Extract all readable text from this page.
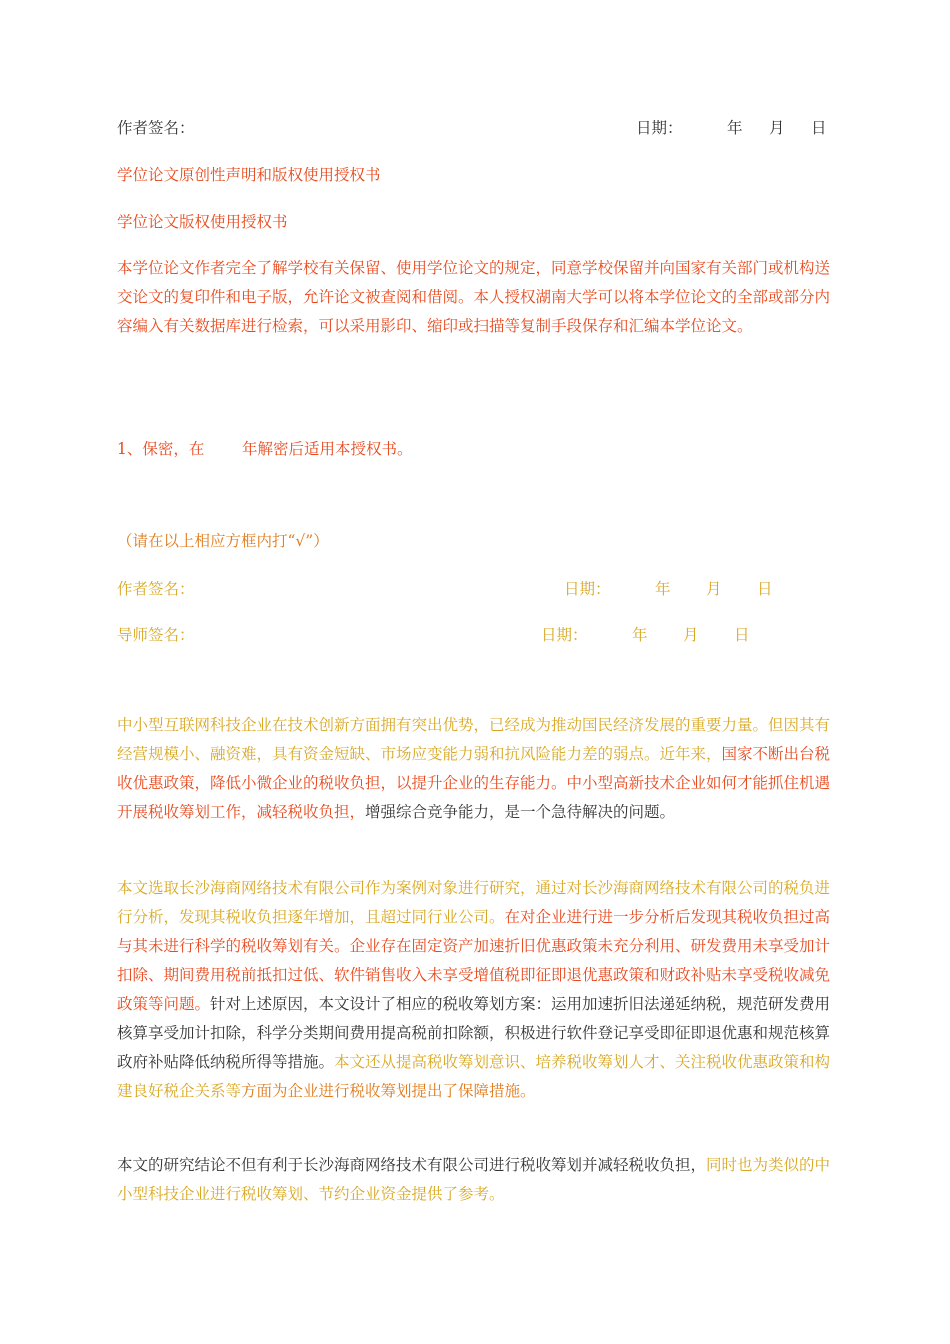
作者签名：	日期：	年 月 日
学位论文原创性声明和版权使用授权书
学位论文版权使用授权书
本学位论文作者完全了解学校有关保留、使用学位论文的规定，同意学校保留并向国家有关部门或机构送交论文的复印件和电子版，允许论文被查阅和借阅。本人授权湖南大学可以将本学位论文的全部或部分内容编入有关数据库进行检索，可以采用影印、缩印或扫描等复制手段保存和汇编本学位论文。
1、保密，在 年解密后适用本授权书。
（请在以上相应方框内打“√”）
作者签名：	日期：	年 月 日
导师签名：	日期：	年 月 日
中小型互联网科技企业在技术创新方面拥有突出优势，已经成为推动国民经济发展的重要力量。但因其有经营规模小、融资难，具有资金短缺、市场应变能力弱和抗风险能力差的弱点。近年来，国家不断出台税收优惠政策，降低小微企业的税收负担，以提升企业的生存能力。中小型高新技术企业如何才能抓住机遇开展税收筹划工作，减轻税收负担，增强综合竞争能力，是一个急待解决的问题。
本文选取长沙海商网络技术有限公司作为案例对象进行研究，通过对长沙海商网络技术有限公司的税负进行分析，发现其税收负担逐年增加，且超过同行业公司。在对企业进行进一步分析后发现其税收负担过高与其未进行科学的税收筹划有关。企业存在固定资产加速折旧优惠政策未充分利用、研发费用未享受加计扣除、期间费用税前抵扣过低、软件销售收入未享受增值税即征即退优惠政策和财政补贴未享受税收减免政策等问题。针对上述原因，本文设计了相应的税收筹划方案：运用加速折旧法递延纳税，规范研发费用核算享受加计扣除，科学分类期间费用提高税前扣除额，积极进行软件登记享受即征即退优惠和规范核算政府补贴降低纳税所得等措施。本文还从提高税收筹划意识、培养税收筹划人才、关注税收优惠政策和构建良好税企关系等方面为企业进行税收筹划提出了保障措施。
本文的研究结论不但有利于长沙海商网络技术有限公司进行税收筹划并减轻税收负担，同时也为类似的中小型科技企业进行税收筹划、节约企业资金提供了参考。
